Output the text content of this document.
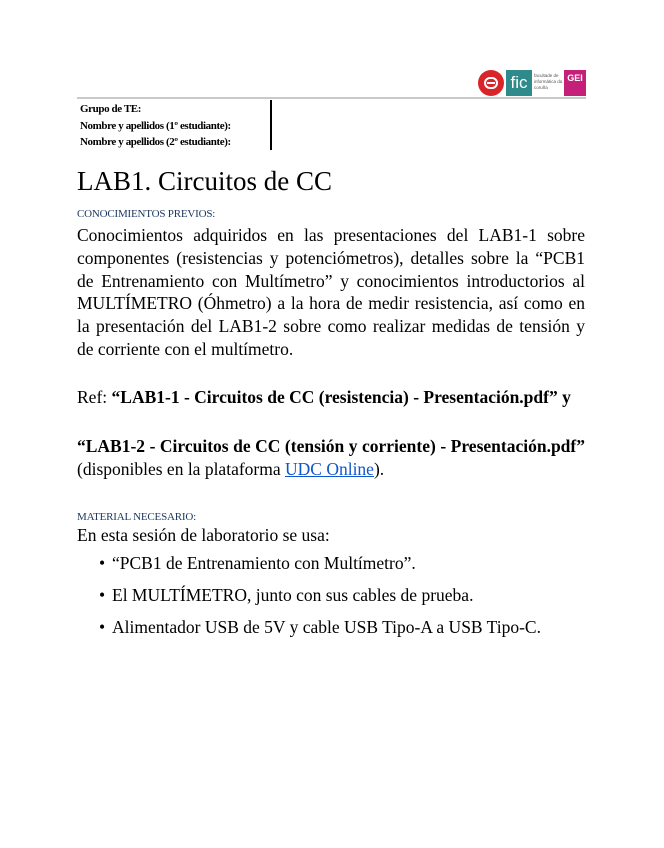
fic	facultade de informática da coruña
GEI
Grupo de TE:
Nombre y apellidos (1º estudiante):
Nombre y apellidos (2º estudiante):
LAB1. Circuitos de CC
CONOCIMIENTOS PREVIOS:

Conocimientos adquiridos en las presentaciones del LAB1-1 sobre componentes (resistencias y potenciómetros), detalles sobre la “PCB1 de Entrenamiento con Multímetro” y conocimientos introductorios al MULTÍMETRO (Óhmetro) a la hora de medir resistencia, así como en la presentación del LAB1-2 sobre como realizar medidas de tensión y de corriente con el multímetro.

Ref: “LAB1-1 - Circuitos de CC (resistencia) - Presentación.pdf” y

“LAB1-2 - Circuitos de CC (tensión y corriente) - Presentación.pdf” (disponibles en la plataforma UDC Online).

MATERIAL NECESARIO:

En esta sesión de laboratorio se usa:

• “PCB1 de Entrenamiento con Multímetro”.
• El MULTÍMETRO, junto con sus cables de prueba.
• Alimentador USB de 5V y cable USB Tipo-A a USB Tipo-C.
